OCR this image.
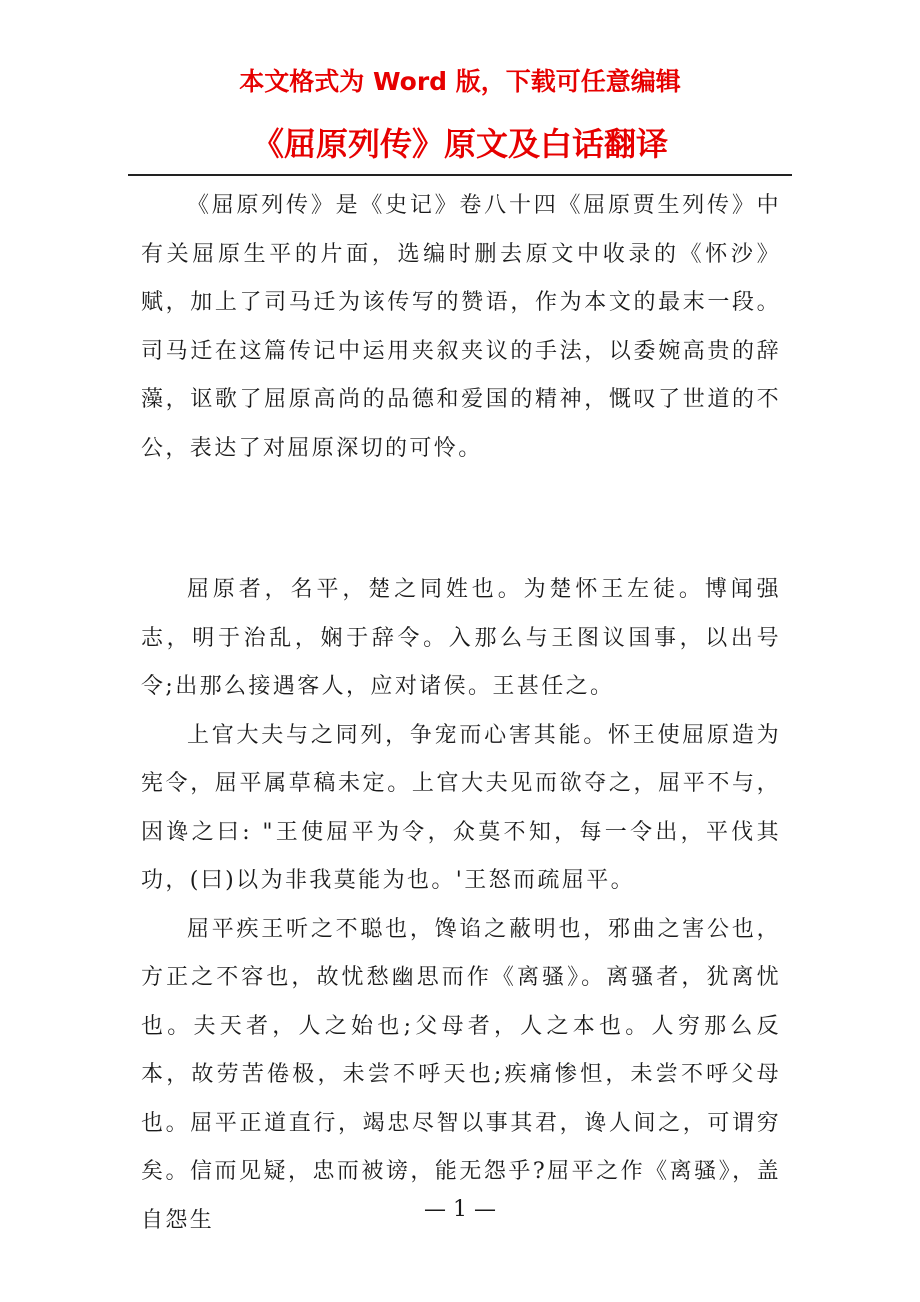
本文格式为 Word 版，下载可任意编辑
《屈原列传》原文及白话翻译

《屈原列传》是《史记》卷八十四《屈原贾生列传》中有关屈原生平的片面，选编时删去原文中收录的《怀沙》赋，加上了司马迁为该传写的赞语，作为本文的最末一段。司马迁在这篇传记中运用夹叙夹议的手法，以委婉高贵的辞藻，讴歌了屈原高尚的品德和爱国的精神，慨叹了世道的不公，表达了对屈原深切的可怜。

屈原者，名平，楚之同姓也。为楚怀王左徒。博闻强志，明于治乱，娴于辞令。入那么与王图议国事，以出号令;出那么接遇客人，应对诸侯。王甚任之。

上官大夫与之同列，争宠而心害其能。怀王使屈原造为宪令，屈平属草稿未定。上官大夫见而欲夺之，屈平不与，因谗之曰: "王使屈平为令，众莫不知，每一令出，平伐其功，(曰)以为非我莫能为也。'王怒而疏屈平。

屈平疾王听之不聪也，馋谄之蔽明也，邪曲之害公也，方正之不容也，故忧愁幽思而作《离骚》。离骚者，犹离忧也。夫天者，人之始也;父母者，人之本也。人穷那么反本，故劳苦倦极，未尝不呼天也;疾痛惨怛，未尝不呼父母也。屈平正道直行，竭忠尽智以事其君，谗人间之，可谓穷矣。信而见疑，忠而被谤，能无怨乎?屈平之作《离骚》，盖自怨生	— 1 —
